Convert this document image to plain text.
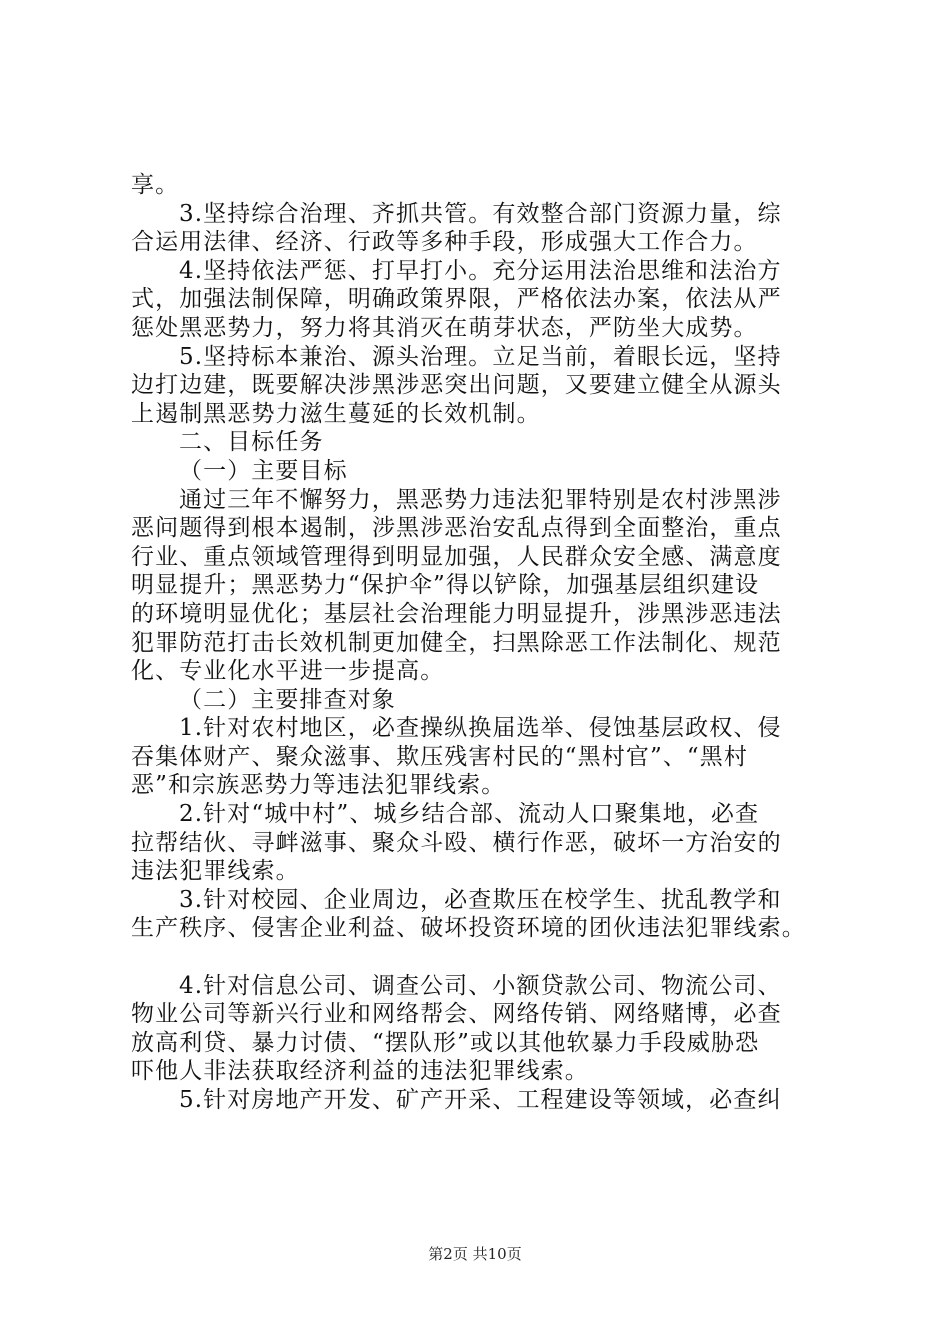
享。
3.坚持综合治理、齐抓共管。有效整合部门资源力量，综
合运用法律、经济、行政等多种手段，形成强大工作合力。
4.坚持依法严惩、打早打小。充分运用法治思维和法治方
式，加强法制保障，明确政策界限，严格依法办案，依法从严
惩处黑恶势力，努力将其消灭在萌芽状态，严防坐大成势。
5.坚持标本兼治、源头治理。立足当前，着眼长远，坚持
边打边建，既要解决涉黑涉恶突出问题，又要建立健全从源头
上遏制黑恶势力滋生蔓延的长效机制。
二、目标任务
（一）主要目标
通过三年不懈努力，黑恶势力违法犯罪特别是农村涉黑涉
恶问题得到根本遏制，涉黑涉恶治安乱点得到全面整治，重点
行业、重点领域管理得到明显加强，人民群众安全感、满意度
明显提升；黑恶势力“保护伞”得以铲除，加强基层组织建设
的环境明显优化；基层社会治理能力明显提升，涉黑涉恶违法
犯罪防范打击长效机制更加健全，扫黑除恶工作法制化、规范
化、专业化水平进一步提高。
（二）主要排查对象
1.针对农村地区，必查操纵换届选举、侵蚀基层政权、侵
吞集体财产、聚众滋事、欺压残害村民的“黑村官”、“黑村
恶”和宗族恶势力等违法犯罪线索。
2.针对“城中村”、城乡结合部、流动人口聚集地，必查
拉帮结伙、寻衅滋事、聚众斗殴、横行作恶，破坏一方治安的
违法犯罪线索。
3.针对校园、企业周边，必查欺压在校学生、扰乱教学和
生产秩序、侵害企业利益、破坏投资环境的团伙违法犯罪线索。
4.针对信息公司、调查公司、小额贷款公司、物流公司、
物业公司等新兴行业和网络帮会、网络传销、网络赌博，必查
放高利贷、暴力讨债、“摆队形”或以其他软暴力手段威胁恐
吓他人非法获取经济利益的违法犯罪线索。
5.针对房地产开发、矿产开采、工程建设等领域，必查纠
第2页 共10页
